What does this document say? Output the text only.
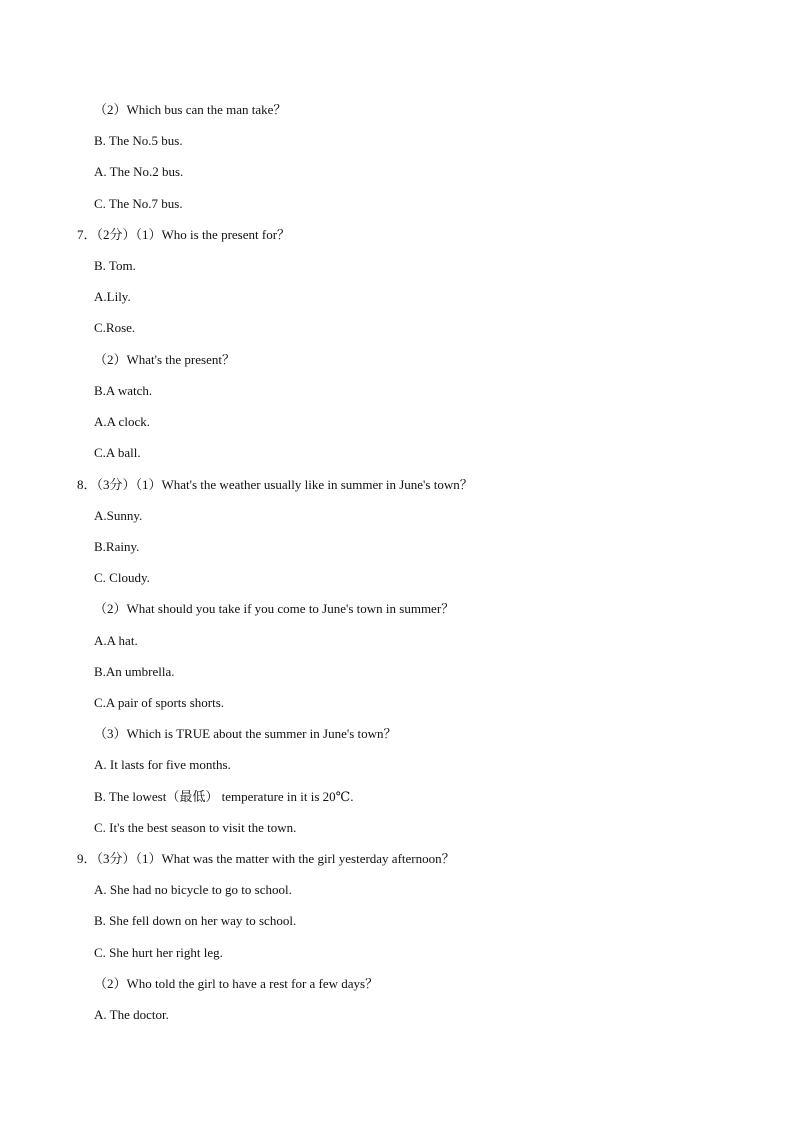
（2）Which bus can the man take？
B. The No.5 bus.
A. The No.2 bus.
C. The No.7 bus.
7．（2分）（1）Who is the present for？
B. Tom.
A.Lily.
C.Rose.
（2）What's the present？
B.A watch.
A.A clock.
C.A ball.
8．（3分）（1）What's the weather usually like in summer in June's town？
A.Sunny.
B.Rainy.
C. Cloudy.
（2）What should you take if you come to June's town in summer？
A.A hat.
B.An umbrella.
C.A pair of sports shorts.
（3）Which is TRUE about the summer in June's town？
A. It lasts for five months.
B. The lowest（最低） temperature in it is 20℃.
C. It's the best season to visit the town.
9．（3分）（1）What was the matter with the girl yesterday afternoon？
A. She had no bicycle to go to school.
B. She fell down on her way to school.
C. She hurt her right leg.
（2）Who told the girl to have a rest for a few days？
A. The doctor.
